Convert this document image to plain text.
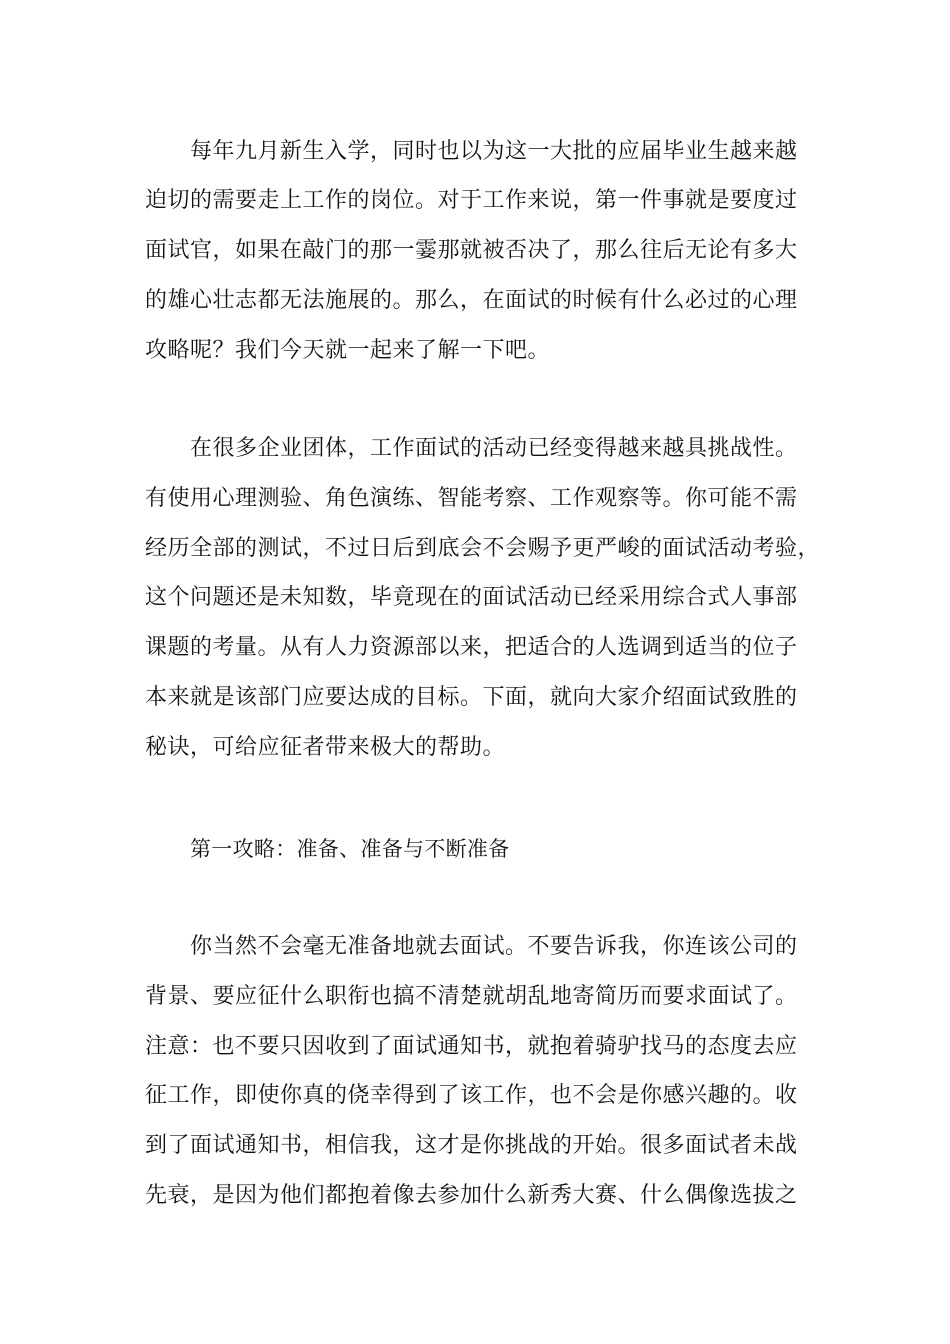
每年九月新生入学，同时也以为这一大批的应届毕业生越来越
迫切的需要走上工作的岗位。对于工作来说，第一件事就是要度过
面试官，如果在敲门的那一霎那就被否决了，那么往后无论有多大
的雄心壮志都无法施展的。那么，在面试的时候有什么必过的心理
攻略呢？我们今天就一起来了解一下吧。
在很多企业团体，工作面试的活动已经变得越来越具挑战性。
有使用心理测验、角色演练、智能考察、工作观察等。你可能不需
经历全部的测试，不过日后到底会不会赐予更严峻的面试活动考验，
这个问题还是未知数，毕竟现在的面试活动已经采用综合式人事部
课题的考量。从有人力资源部以来，把适合的人选调到适当的位子
本来就是该部门应要达成的目标。下面，就向大家介绍面试致胜的
秘诀，可给应征者带来极大的帮助。
第一攻略：准备、准备与不断准备
你当然不会毫无准备地就去面试。不要告诉我，你连该公司的
背景、要应征什么职衔也搞不清楚就胡乱地寄简历而要求面试了。
注意：也不要只因收到了面试通知书，就抱着骑驴找马的态度去应
征工作，即使你真的侥幸得到了该工作，也不会是你感兴趣的。收
到了面试通知书，相信我，这才是你挑战的开始。很多面试者未战
先衰，是因为他们都抱着像去参加什么新秀大赛、什么偶像选拔之
